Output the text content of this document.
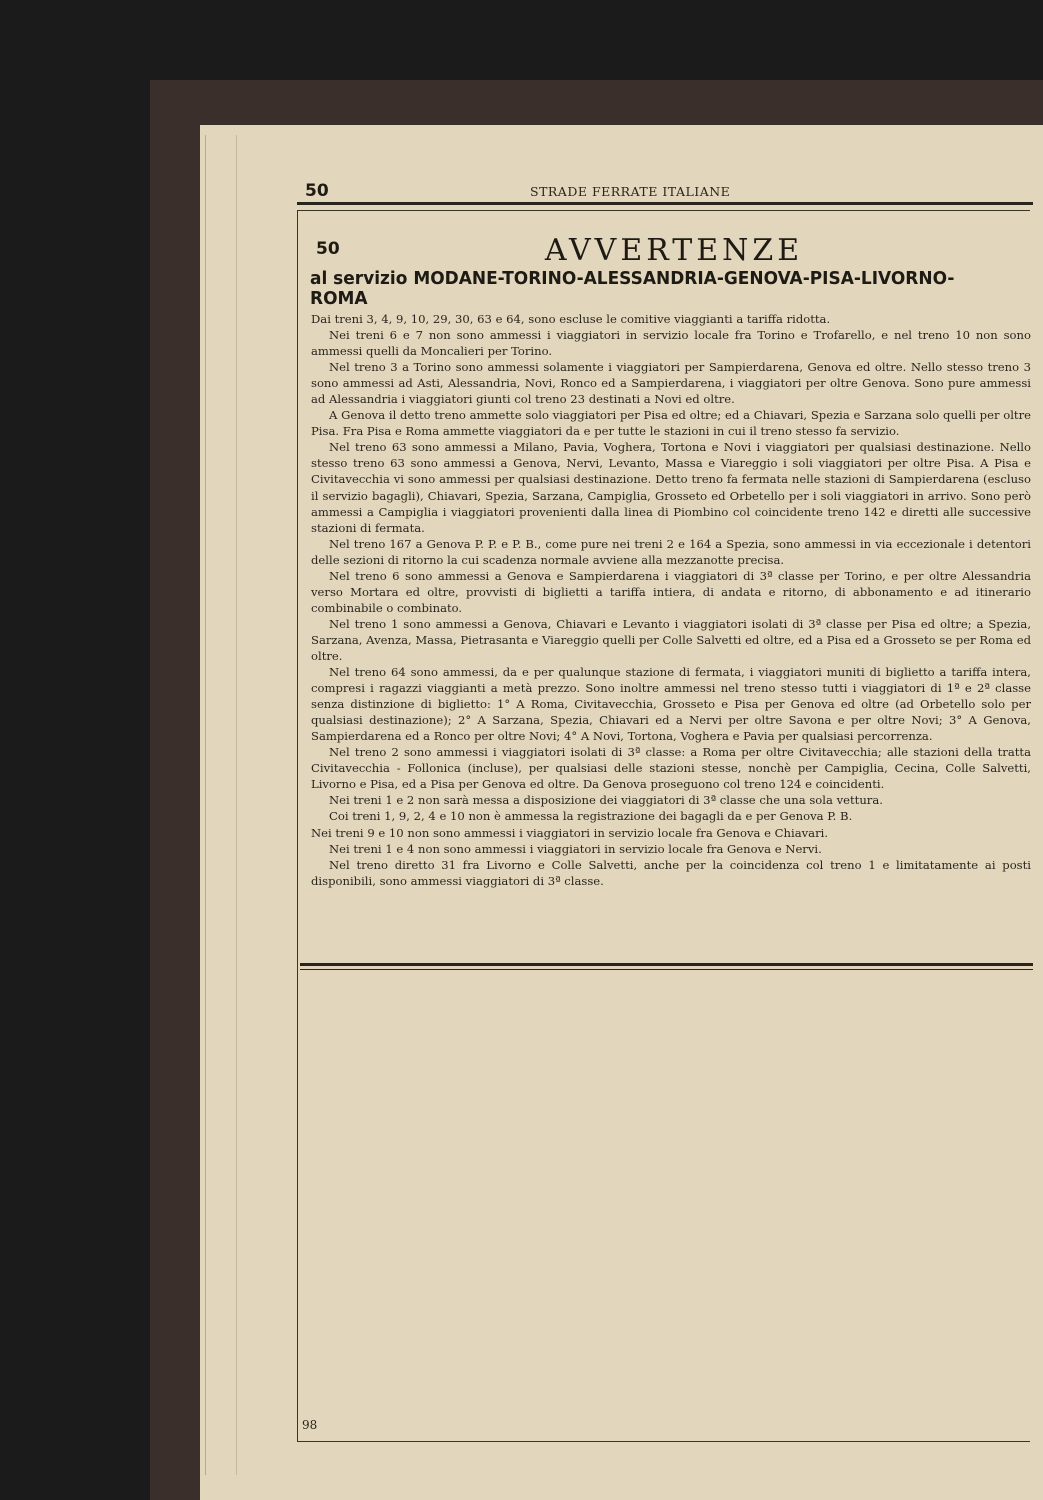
50	STRADE FERRATE ITALIANE
50	AVVERTENZE
al servizio MODANE-TORINO-ALESSANDRIA-GENOVA-PISA-LIVORNO-ROMA

Dai treni 3, 4, 9, 10, 29, 30, 63 e 64, sono escluse le comitive viaggianti a tariffa ridotta.

Nei treni 6 e 7 non sono ammessi i viaggiatori in servizio locale fra Torino e Trofarello, e nel treno 10 non sono ammessi quelli da Moncalieri per Torino.

Nel treno 3 a Torino sono ammessi solamente i viaggiatori per Sampierdarena, Genova ed oltre. Nello stesso treno 3 sono ammessi ad Asti, Alessandria, Novi, Ronco ed a Sampierdarena, i viaggiatori per oltre Genova. Sono pure ammessi ad Alessandria i viaggiatori giunti col treno 23 destinati a Novi ed oltre.

A Genova il detto treno ammette solo viaggiatori per Pisa ed oltre; ed a Chiavari, Spezia e Sarzana solo quelli per oltre Pisa. Fra Pisa e Roma ammette viaggiatori da e per tutte le stazioni in cui il treno stesso fa servizio.

Nel treno 63 sono ammessi a Milano, Pavia, Voghera, Tortona e Novi i viaggiatori per qualsiasi destinazione. Nello stesso treno 63 sono ammessi a Genova, Nervi, Levanto, Massa e Viareggio i soli viaggiatori per oltre Pisa. A Pisa e Civitavecchia vi sono ammessi per qualsiasi destinazione. Detto treno fa fermata nelle stazioni di Sampierdarena (escluso il servizio bagagli), Chiavari, Spezia, Sarzana, Campiglia, Grosseto ed Orbetello per i soli viaggiatori in arrivo. Sono però ammessi a Campiglia i viaggiatori provenienti dalla linea di Piombino col coincidente treno 142 e diretti alle successive stazioni di fermata.

Nel treno 167 a Genova P. P. e P. B., come pure nei treni 2 e 164 a Spezia, sono ammessi in via eccezionale i detentori delle sezioni di ritorno la cui scadenza normale avviene alla mezzanotte precisa.

Nel treno 6 sono ammessi a Genova e Sampierdarena i viaggiatori di 3ª classe per Torino, e per oltre Alessandria verso Mortara ed oltre, provvisti di biglietti a tariffa intiera, di andata e ritorno, di abbonamento e ad itinerario combinabile o combinato.

Nel treno 1 sono ammessi a Genova, Chiavari e Levanto i viaggiatori isolati di 3ª classe per Pisa ed oltre; a Spezia, Sarzana, Avenza, Massa, Pietrasanta e Viareggio quelli per Colle Salvetti ed oltre, ed a Pisa ed a Grosseto se per Roma ed oltre.

Nel treno 64 sono ammessi, da e per qualunque stazione di fermata, i viaggiatori muniti di biglietto a tariffa intera, compresi i ragazzi viaggianti a metà prezzo. Sono inoltre ammessi nel treno stesso tutti i viaggiatori di 1ª e 2ª classe senza distinzione di biglietto: 1° A Roma, Civitavecchia, Grosseto e Pisa per Genova ed oltre (ad Orbetello solo per qualsiasi destinazione); 2° A Sarzana, Spezia, Chiavari ed a Nervi per oltre Savona e per oltre Novi; 3° A Genova, Sampierdarena ed a Ronco per oltre Novi; 4° A Novi, Tortona, Voghera e Pavia per qualsiasi percorrenza.

Nel treno 2 sono ammessi i viaggiatori isolati di 3ª classe: a Roma per oltre Civitavecchia; alle stazioni della tratta Civitavecchia - Follonica (incluse), per qualsiasi delle stazioni stesse, nonchè per Campiglia, Cecina, Colle Salvetti, Livorno e Pisa, ed a Pisa per Genova ed oltre. Da Genova proseguono col treno 124 e coincidenti.

Nei treni 1 e 2 non sarà messa a disposizione dei viaggiatori di 3ª classe che una sola vettura.

Coi treni 1, 9, 2, 4 e 10 non è ammessa la registrazione dei bagagli da e per Genova P. B.

Nei treni 9 e 10 non sono ammessi i viaggiatori in servizio locale fra Genova e Chiavari.

Nei treni 1 e 4 non sono ammessi i viaggiatori in servizio locale fra Genova e Nervi.

Nel treno diretto 31 fra Livorno e Colle Salvetti, anche per la coincidenza col treno 1 e limitatamente ai posti disponibili, sono ammessi viaggiatori di 3ª classe.

98
